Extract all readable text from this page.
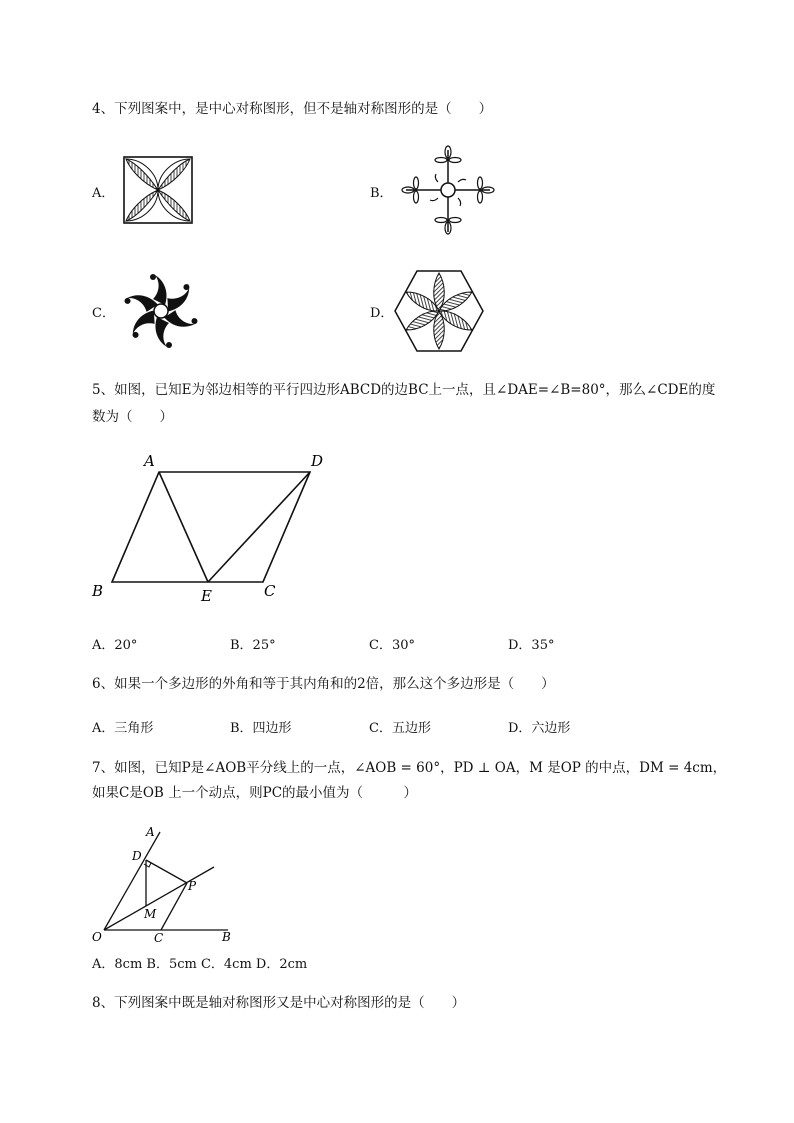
4、下列图案中，是中心对称图形，但不是轴对称图形的是（　　）
A．	B．
C．	D．
5、如图，已知E为邻边相等的平行四边形ABCD的边BC上一点，且∠DAE=∠B=80°，那么∠CDE的度
数为（　　）
A	D
B	E	C
A．20°	B．25°	C．30°	D．35°
6、如果一个多边形的外角和等于其内角和的2倍，那么这个多边形是（　　）
A．三角形	B．四边形	C．五边形	D．六边形
7、如图，已知P是∠AOB平分线上的一点，∠AOB = 60°，PD ⊥ OA，M 是OP 的中点，DM = 4cm，
如果C是OB 上一个动点，则PC的最小值为（　　　）
A
D
P
M
O	C	B
A．8cm B．5cm C．4cm D．2cm
8、下列图案中既是轴对称图形又是中心对称图形的是（　　）
